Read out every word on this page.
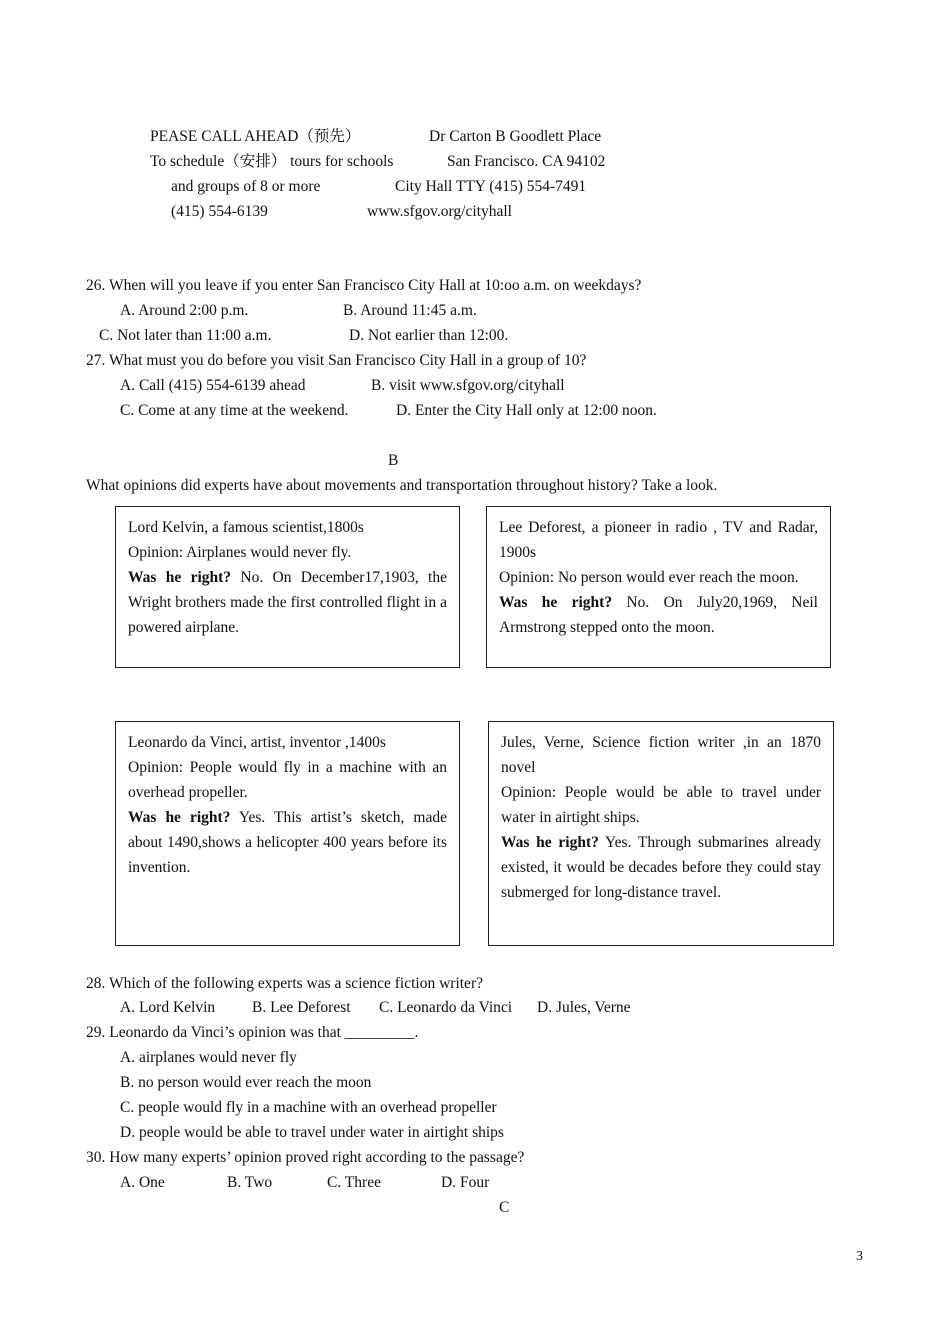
PEASE CALL AHEAD（预先）	Dr Carton B Goodlett Place
To schedule（安排） tours for schools	San Francisco. CA 94102
and groups of 8 or more	City Hall TTY (415) 554-7491
(415) 554-6139	www.sfgov.org/cityhall
26. When will you leave if you enter San Francisco City Hall at 10:oo a.m. on weekdays?
A. Around 2:00 p.m.	B. Around 11:45 a.m.
C. Not later than 11:00 a.m.	D. Not earlier than 12:00.
27. What must you do before you visit San Francisco City Hall in a group of 10?
A. Call (415) 554-6139 ahead	B. visit www.sfgov.org/cityhall
C. Come at any time at the weekend.	D. Enter the City Hall only at 12:00 noon.
B
What opinions did experts have about movements and transportation throughout history? Take a look.

Lord Kelvin, a famous scientist,1800s

Opinion: Airplanes would never fly.

Was he right? No. On December17,1903, the Wright brothers made the first controlled flight in a powered airplane.

Lee Deforest, a pioneer in radio , TV and Radar, 1900s

Opinion: No person would ever reach the moon.

Was he right? No. On July20,1969, Neil Armstrong stepped onto the moon.

Leonardo da Vinci, artist, inventor ,1400s

Opinion: People would fly in a machine with an overhead propeller.

Was he right? Yes. This artist’s sketch, made about 1490,shows a helicopter 400 years before its invention.

Jules, Verne, Science fiction writer ,in an 1870 novel

Opinion: People would be able to travel under water in airtight ships.

Was he right? Yes. Through submarines already existed, it would be decades before they could stay submerged for long-distance travel.

28. Which of the following experts was a science fiction writer?
A. Lord Kelvin B. Lee Deforest C. Leonardo da Vinci D. Jules, Verne
29. Leonardo da Vinci’s opinion was that _________.
A. airplanes would never fly
B. no person would ever reach the moon
C. people would fly in a machine with an overhead propeller
D. people would be able to travel under water in airtight ships
30. How many experts’ opinion proved right according to the passage?
A. One	B. Two	C. Three	D. Four
C
3
